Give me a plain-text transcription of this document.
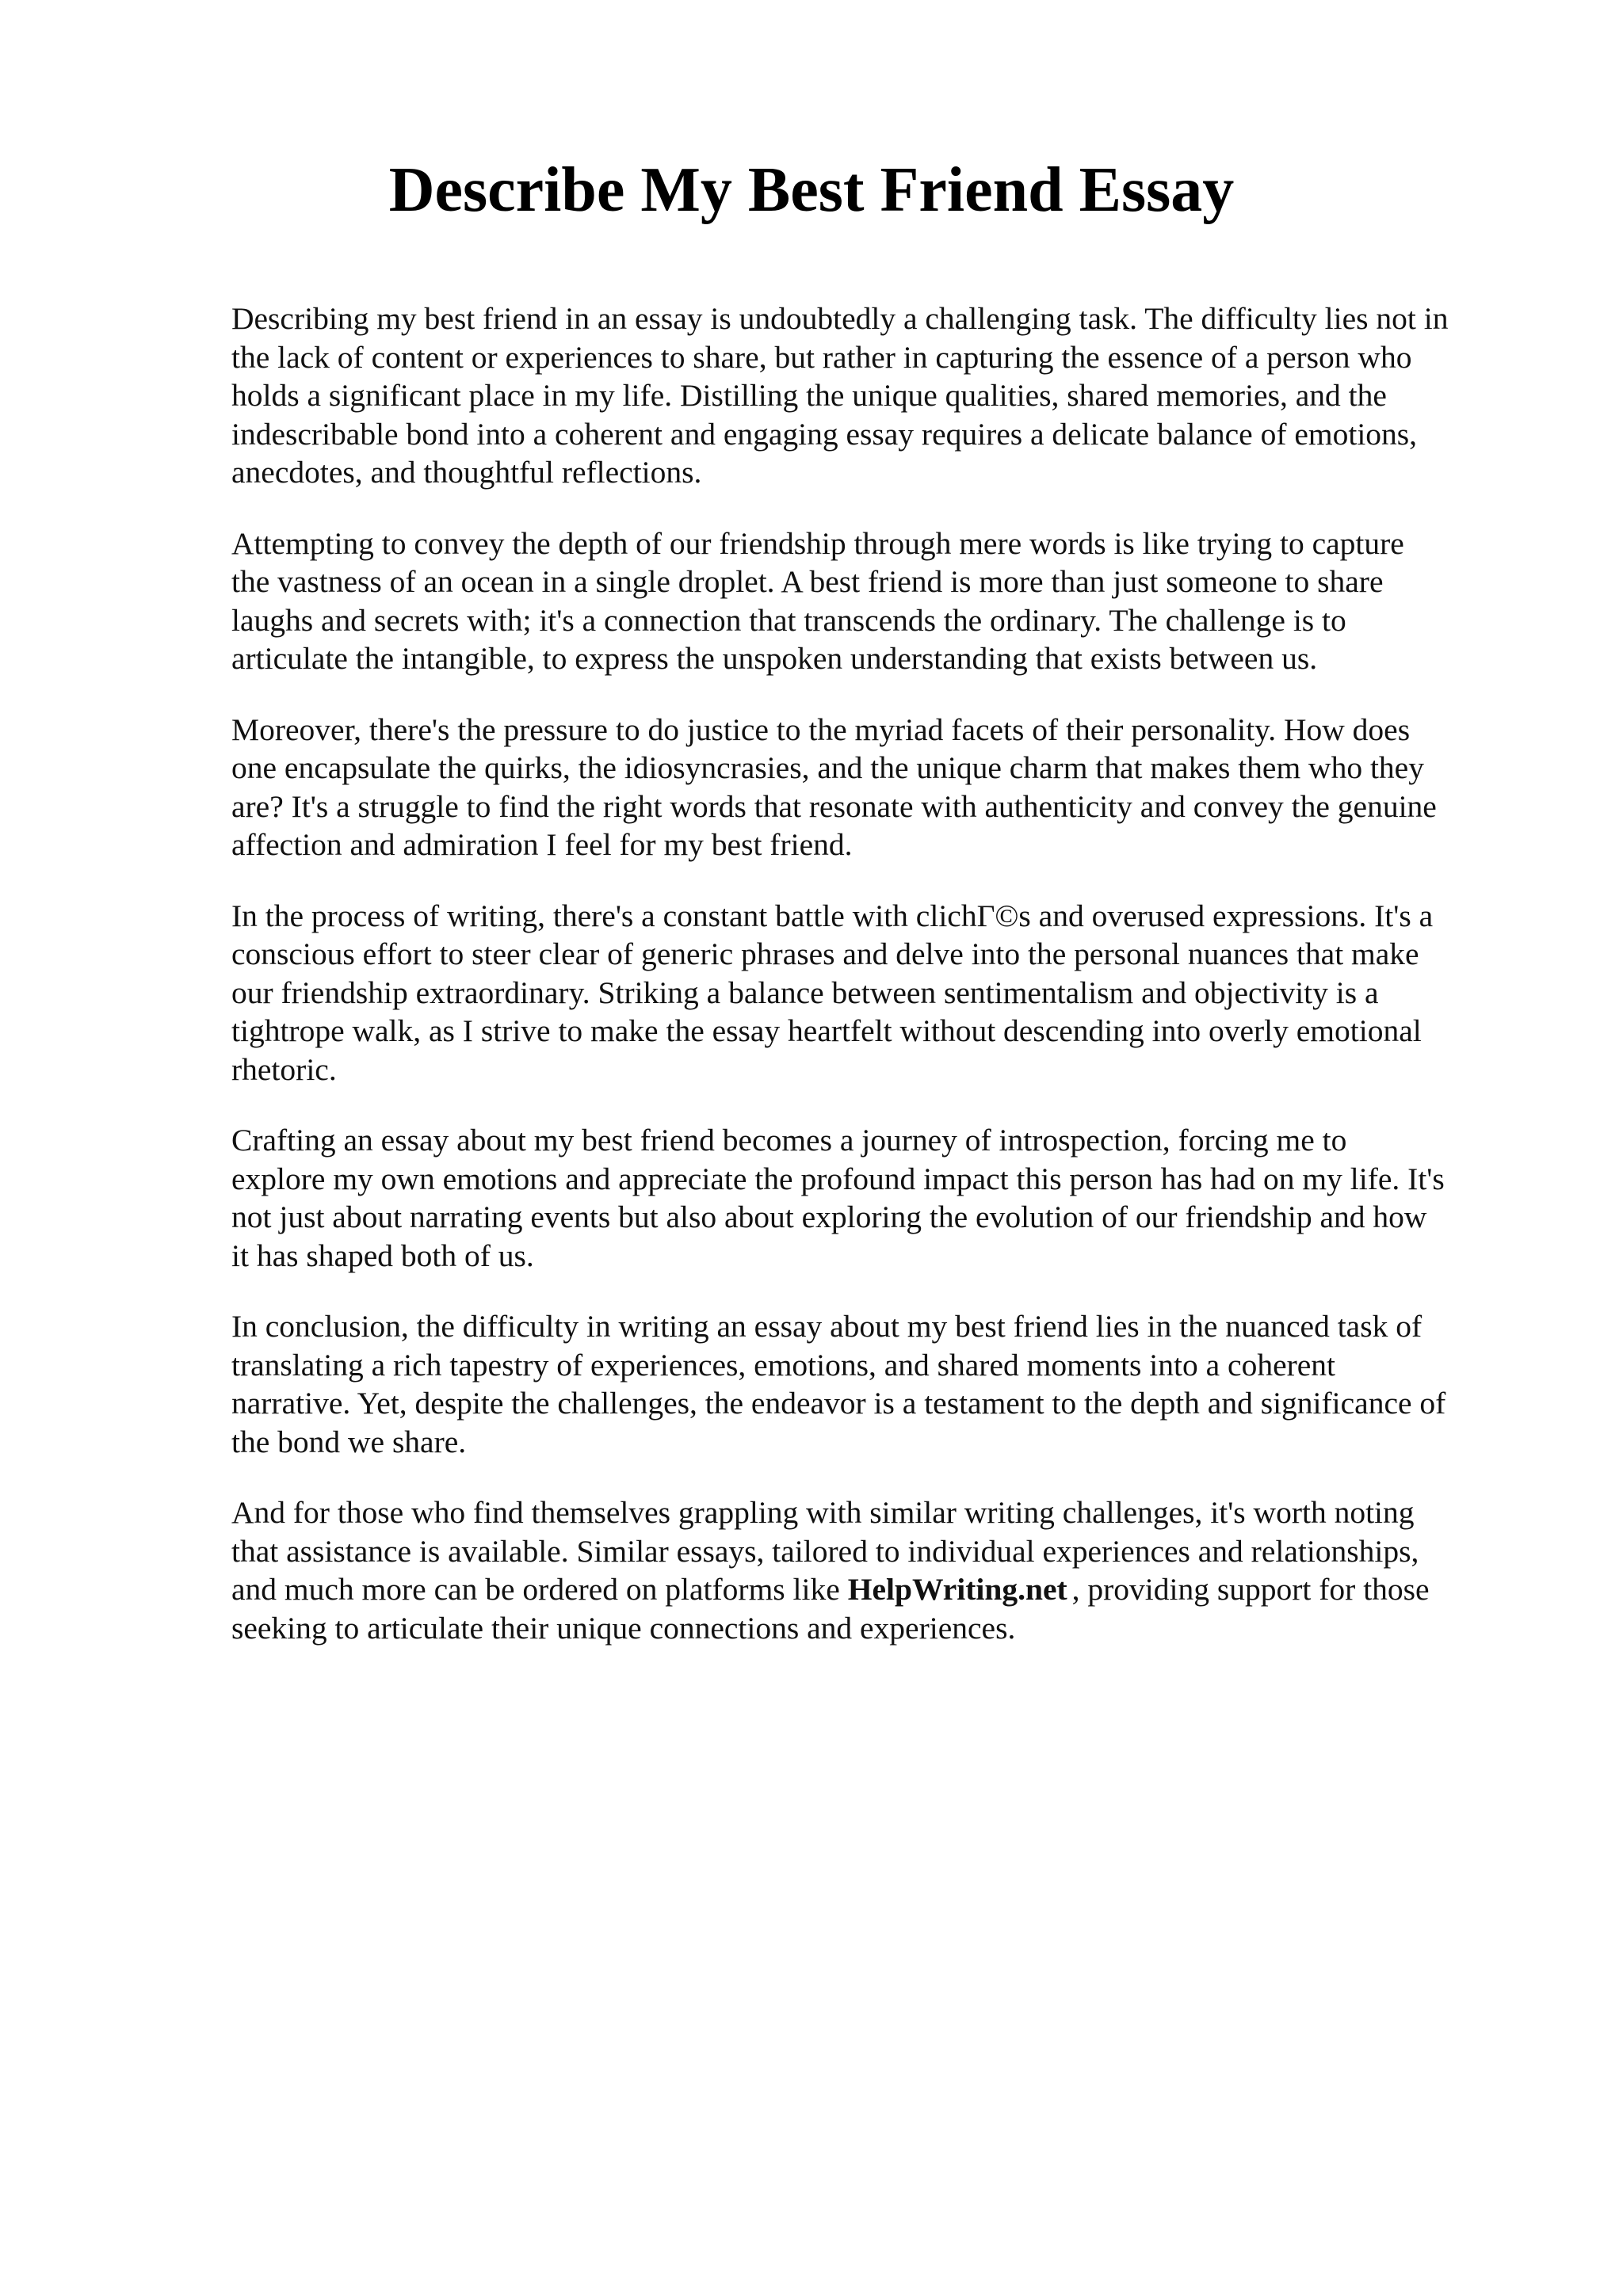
Describe My Best Friend Essay

Describing my best friend in an essay is undoubtedly a challenging task. The difficulty lies not in
the lack of content or experiences to share, but rather in capturing the essence of a person who
holds a significant place in my life. Distilling the unique qualities, shared memories, and the
indescribable bond into a coherent and engaging essay requires a delicate balance of emotions,
anecdotes, and thoughtful reflections.

Attempting to convey the depth of our friendship through mere words is like trying to capture
the vastness of an ocean in a single droplet. A best friend is more than just someone to share
laughs and secrets with; it's a connection that transcends the ordinary. The challenge is to
articulate the intangible, to express the unspoken understanding that exists between us.

Moreover, there's the pressure to do justice to the myriad facets of their personality. How does
one encapsulate the quirks, the idiosyncrasies, and the unique charm that makes them who they
are? It's a struggle to find the right words that resonate with authenticity and convey the genuine
affection and admiration I feel for my best friend.

In the process of writing, there's a constant battle with clichΓ©s and overused expressions. It's a
conscious effort to steer clear of generic phrases and delve into the personal nuances that make
our friendship extraordinary. Striking a balance between sentimentalism and objectivity is a
tightrope walk, as I strive to make the essay heartfelt without descending into overly emotional
rhetoric.

Crafting an essay about my best friend becomes a journey of introspection, forcing me to
explore my own emotions and appreciate the profound impact this person has had on my life. It's
not just about narrating events but also about exploring the evolution of our friendship and how
it has shaped both of us.

In conclusion, the difficulty in writing an essay about my best friend lies in the nuanced task of
translating a rich tapestry of experiences, emotions, and shared moments into a coherent
narrative. Yet, despite the challenges, the endeavor is a testament to the depth and significance of
the bond we share.

And for those who find themselves grappling with similar writing challenges, it's worth noting
that assistance is available. Similar essays, tailored to individual experiences and relationships,
and much more can be ordered on platforms like HelpWriting.net , providing support for those
seeking to articulate their unique connections and experiences.
